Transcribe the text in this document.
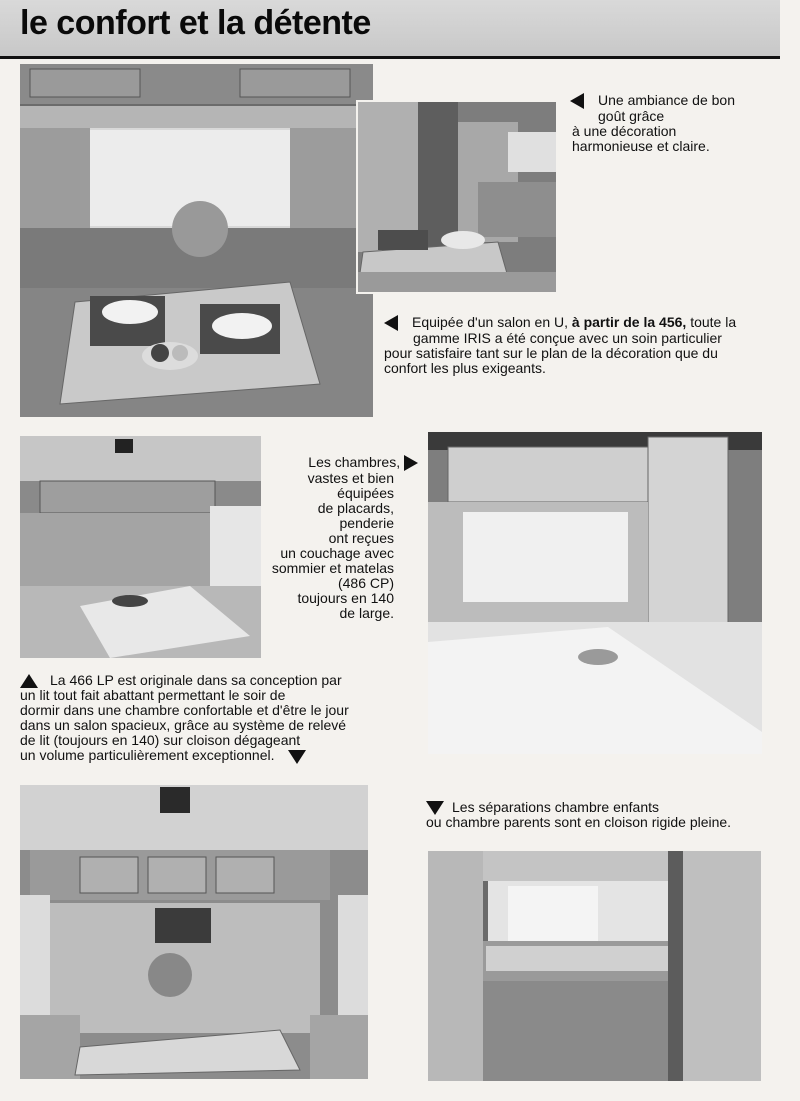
le confort et la détente

Une ambiance de bon

goût grâce

à une décoration

harmonieuse et claire.

Equipée d'un salon en U, à partir de la 456, toute la

gamme IRIS a été conçue avec un soin particulier

pour satisfaire tant sur le plan de la décoration que du

confort les plus exigeants.

Les chambres,

vastes et bien

équipées

de placards,

penderie

ont reçues

un couchage avec

sommier et matelas

(486 CP)

toujours en 140

de large.

La 466 LP est originale dans sa conception par

un lit tout fait abattant permettant le soir de

dormir dans une chambre confortable et d'être le jour

dans un salon spacieux, grâce au système de relevé

de lit (toujours en 140) sur cloison dégageant

un volume particulièrement exceptionnel.

Les séparations chambre enfants

ou chambre parents sont en cloison rigide pleine.
